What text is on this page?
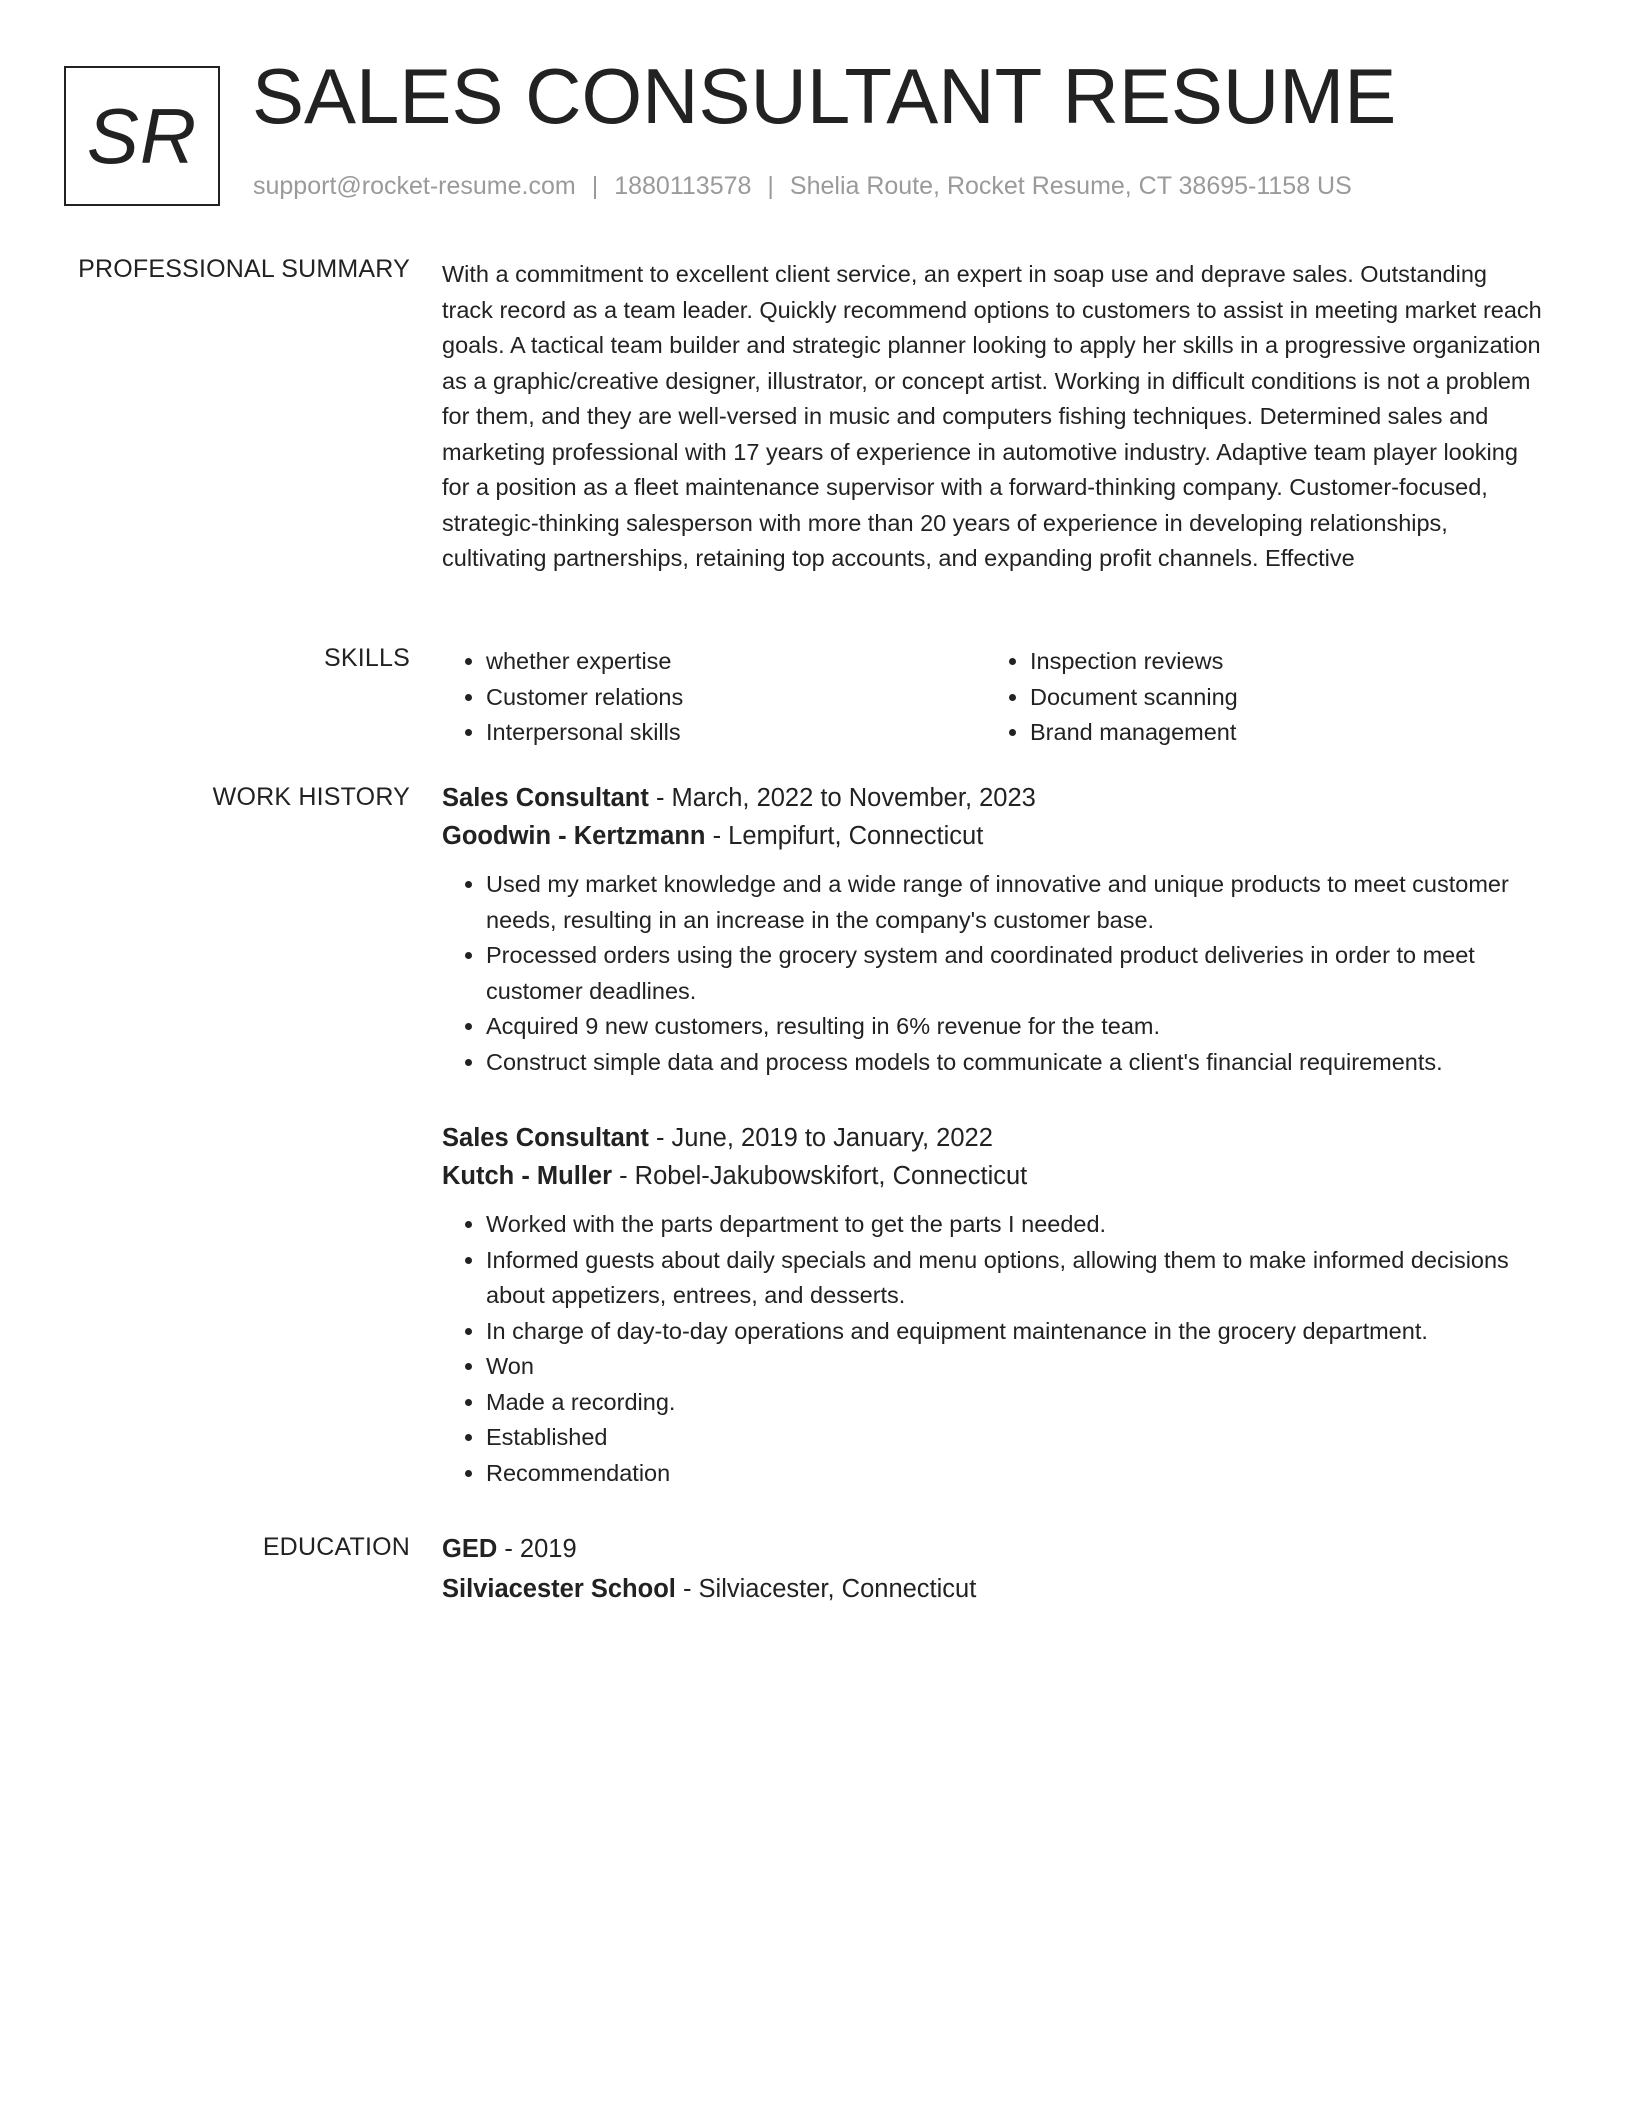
SR SALES CONSULTANT RESUME
support@rocket-resume.com | 1880113578 | Shelia Route, Rocket Resume, CT 38695-1158 US
PROFESSIONAL SUMMARY With a commitment to excellent client service, an expert in soap use and deprave sales. Outstanding track record as a team leader. Quickly recommend options to customers to assist in meeting market reach goals. A tactical team builder and strategic planner looking to apply her skills in a progressive organization as a graphic/creative designer, illustrator, or concept artist. Working in difficult conditions is not a problem for them, and they are well-versed in music and computers fishing techniques. Determined sales and marketing professional with 17 years of experience in automotive industry. Adaptive team player looking for a position as a fleet maintenance supervisor with a forward-thinking company. Customer-focused, strategic-thinking salesperson with more than 20 years of experience in developing relationships, cultivating partnerships, retaining top accounts, and expanding profit channels. Effective

SKILLS
•	whether expertise
• Customer relations
• Interpersonal skills
• Inspection reviews
• Document scanning
• Brand management
WORK HISTORY Sales Consultant - March, 2022 to November, 2023
Goodwin - Kertzmann - Lempifurt, Connecticut
• Used my market knowledge and a wide range of innovative and unique products to meet customer needs, resulting in an increase in the company's customer base.
• Processed orders using the grocery system and coordinated product deliveries in order to meet customer deadlines.
• Acquired 9 new customers, resulting in 6% revenue for the team.
• Construct simple data and process models to communicate a client's financial requirements.
Sales Consultant - June, 2019 to January, 2022
Kutch - Muller - Robel-Jakubowskifort, Connecticut
• Worked with the parts department to get the parts I needed.
• Informed guests about daily specials and menu options, allowing them to make informed decisions about appetizers, entrees, and desserts.
• In charge of day-to-day operations and equipment maintenance in the grocery department.
• Won
• Made a recording.
• Established
• Recommendation
EDUCATION GED - 2019
Silviacester School - Silviacester, Connecticut
